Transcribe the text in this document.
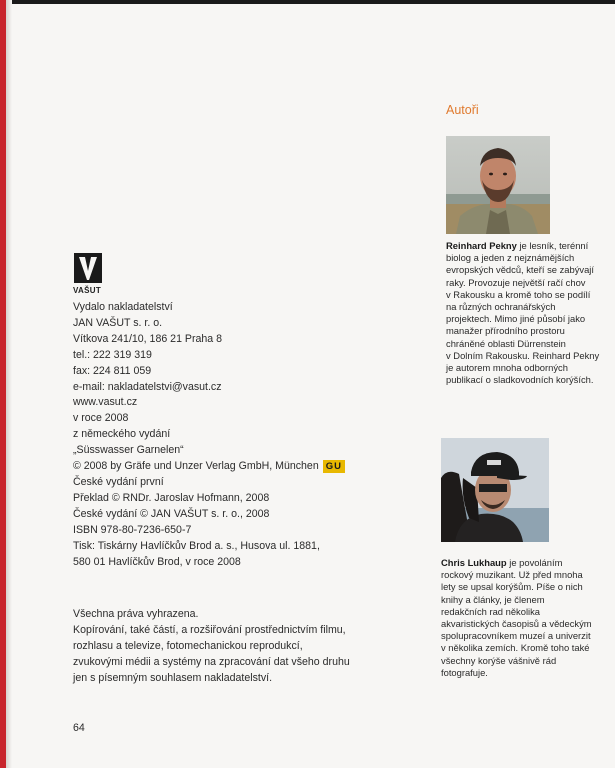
VAŠUT
Vydalo nakladatelství
JAN VAŠUT s. r. o.
Vítkova 241/10, 186 21 Praha 8
tel.: 222 319 319
fax: 224 811 059
e-mail: nakladatelstvi@vasut.cz
www.vasut.cz
v roce 2008
z německého vydání
„Süsswasser Garnelen“
© 2008 by Gräfe und Unzer Verlag GmbH, München GU
České vydání první
Překlad © RNDr. Jaroslav Hofmann, 2008
České vydání © JAN VAŠUT s. r. o., 2008
ISBN 978-80-7236-650-7
Tisk: Tiskárny Havlíčkův Brod a. s., Husova ul. 1881,
580 01 Havlíčkův Brod, v roce 2008
Všechna práva vyhrazena.
Kopírování, také částí, a rozšiřování prostřednictvím filmu,
rozhlasu a televize, fotomechanickou reprodukcí,
zvukovými médii a systémy na zpracování dat všeho druhu
jen s písemným souhlasem nakladatelství.
64
Autoři
Reinhard Pekny je lesník, terénní
biolog a jeden z nejznámějších
evropských vědců, kteří se zabývají
raky. Provozuje největší račí chov
v Rakousku a kromě toho se podílí
na různých ochranářských
projektech. Mimo jiné působí jako
manažer přírodního prostoru
chráněné oblasti Dürrenstein
v Dolním Rakousku. Reinhard Pekny
je autorem mnoha odborných
publikací o sladkovodních korýších.
Chris Lukhaup je povoláním
rockový muzikant. Už před mnoha
lety se upsal korýšům. Píše o nich
knihy a články, je členem
redakčních rad několika
akvaristických časopisů a vědeckým
spolupracovníkem muzeí a univerzit
v několika zemích. Kromě toho také
všechny korýše vášnivě rád
fotografuje.
